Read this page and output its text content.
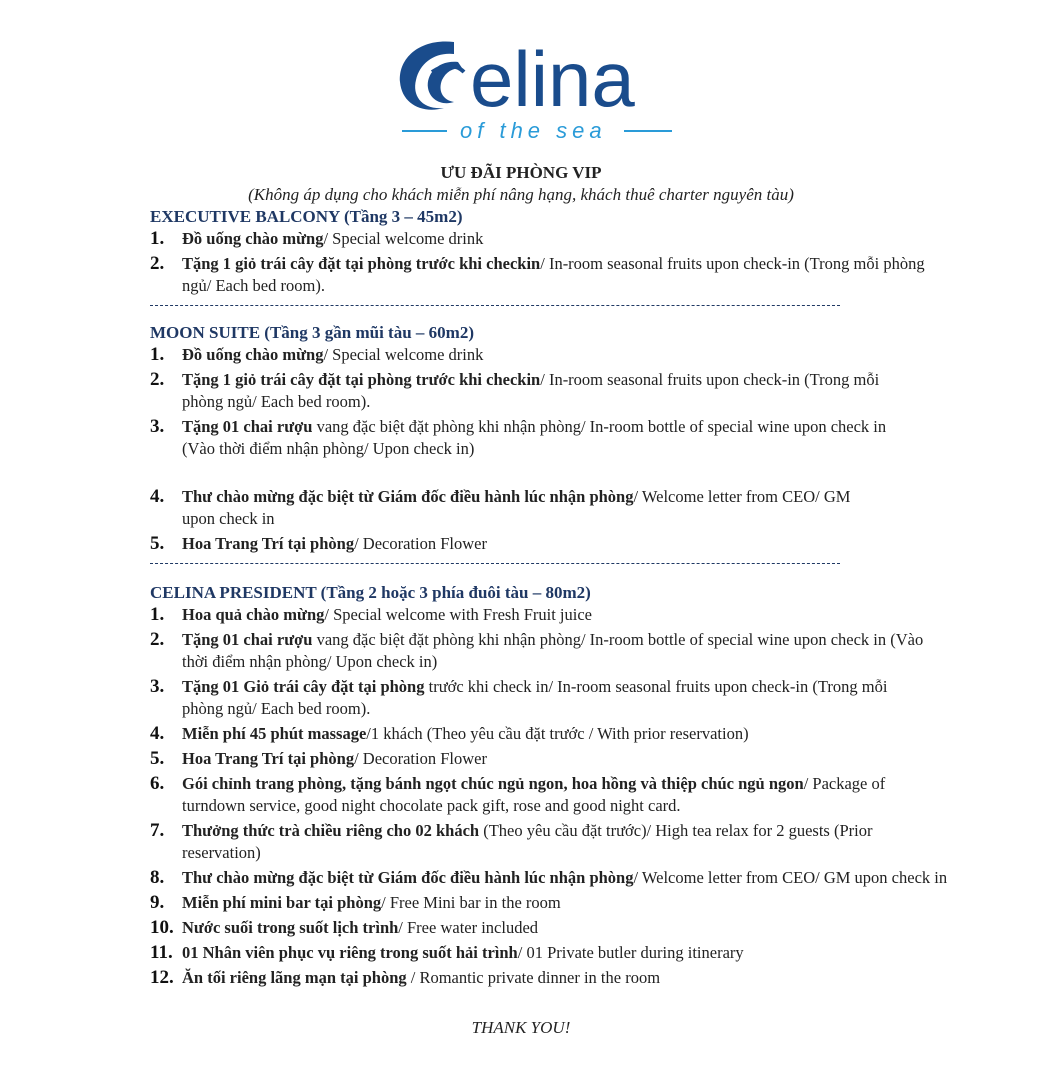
elina
of the sea
ƯU ĐÃI PHÒNG VIP
(Không áp dụng cho khách miễn phí nâng hạng, khách thuê charter nguyên tàu)
EXECUTIVE BALCONY (Tầng 3 – 45m2)
1. Đồ uống chào mừng/ Special welcome drink
2. Tặng 1 giỏ trái cây đặt tại phòng trước khi checkin/ In-room seasonal fruits upon check-in (Trong mỗi phòng ngủ/ Each bed room).
MOON SUITE (Tầng 3 gần mũi tàu – 60m2)
1. Đồ uống chào mừng/ Special welcome drink
2. Tặng 1 giỏ trái cây đặt tại phòng trước khi checkin/ In-room seasonal fruits upon check-in (Trong mỗi phòng ngủ/ Each bed room).
3. Tặng 01 chai rượu vang đặc biệt đặt phòng khi nhận phòng/ In-room bottle of special wine upon check in (Vào thời điểm nhận phòng/ Upon check in)
4. Thư chào mừng đặc biệt từ Giám đốc điều hành lúc nhận phòng/ Welcome letter from CEO/ GM upon check in
5. Hoa Trang Trí tại phòng/ Decoration Flower
CELINA PRESIDENT (Tầng 2 hoặc 3 phía đuôi tàu – 80m2)
1. Hoa quả chào mừng/ Special welcome with Fresh Fruit juice
2. Tặng 01 chai rượu vang đặc biệt đặt phòng khi nhận phòng/ In-room bottle of special wine upon check in (Vào thời điểm nhận phòng/ Upon check in)
3. Tặng 01 Giỏ trái cây đặt tại phòng trước khi check in/ In-room seasonal fruits upon check-in (Trong mỗi phòng ngủ/ Each bed room).
4. Miễn phí 45 phút massage/1 khách (Theo yêu cầu đặt trước / With prior reservation)
5. Hoa Trang Trí tại phòng/ Decoration Flower
6. Gói chỉnh trang phòng, tặng bánh ngọt chúc ngủ ngon, hoa hồng và thiệp chúc ngủ ngon/ Package of turndown service, good night chocolate pack gift, rose and good night card.
7. Thưởng thức trà chiều riêng cho 02 khách (Theo yêu cầu đặt trước)/ High tea relax for 2 guests (Prior reservation)
8. Thư chào mừng đặc biệt từ Giám đốc điều hành lúc nhận phòng/ Welcome letter from CEO/ GM upon check in
9. Miễn phí mini bar tại phòng/ Free Mini bar in the room
10. Nước suối trong suốt lịch trình/ Free water included
11. 01 Nhân viên phục vụ riêng trong suốt hải trình/ 01 Private butler during itinerary
12. Ăn tối riêng lãng mạn tại phòng / Romantic private dinner in the room
THANK YOU!
